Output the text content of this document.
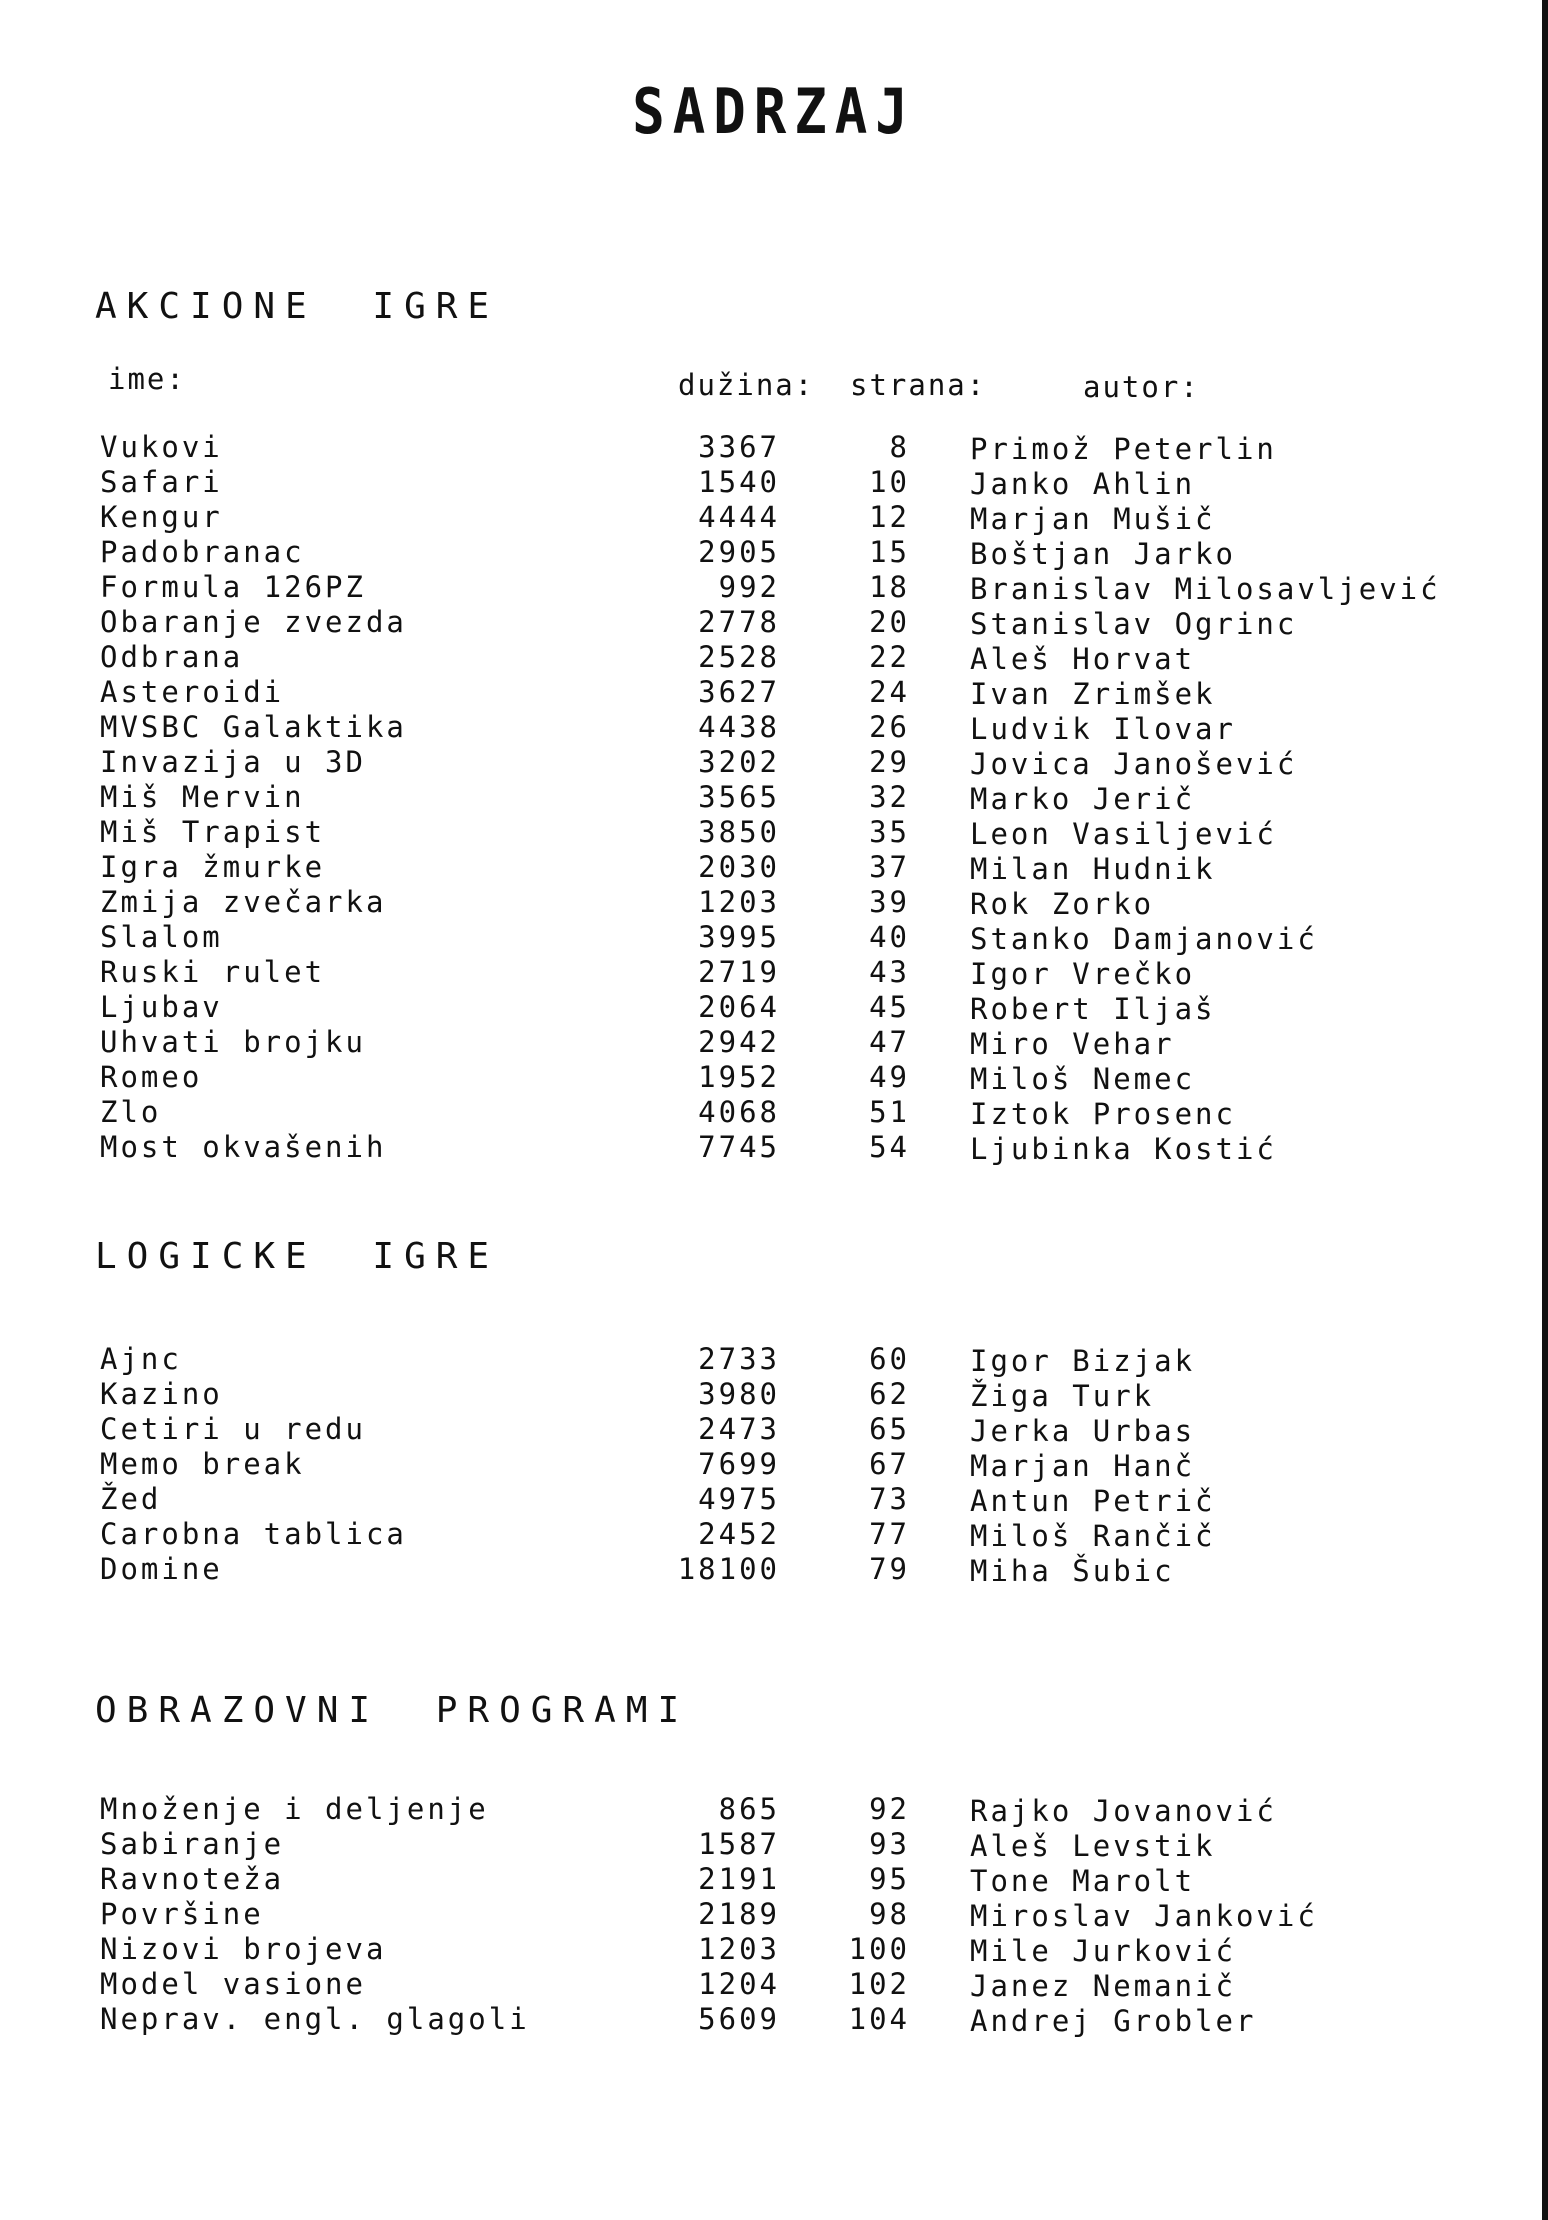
SADRZAJ
AKCIONE IGRE
ime:	dužina: strana:	autor:
Vukovi	3367	8 Primož Peterlin
Safari	1540	10 Janko Ahlin
Kengur	4444	12 Marjan Mušič
Padobranac	2905	15 Boštjan Jarko
Formula 126PZ	992	18 Branislav Milosavljević
Obaranje zvezda	2778	20 Stanislav Ogrinc
Odbrana	2528	22 Aleš Horvat
Asteroidi	3627	24 Ivan Zrimšek
MVSBC Galaktika	4438	26 Ludvik Ilovar
Invazija u 3D	3202	29 Jovica Janošević
Miš Mervin	3565	32 Marko Jerič
Miš Trapist	3850	35 Leon Vasiljević
Igra žmurke	2030	37 Milan Hudnik
Zmija zvečarka	1203	39 Rok Zorko
Slalom	3995	40 Stanko Damjanović
Ruski rulet	2719	43 Igor Vrečko
Ljubav	2064	45 Robert Iljaš
Uhvati brojku	2942	47 Miro Vehar
Romeo	1952	49 Miloš Nemec
Zlo	4068	51 Iztok Prosenc
Most okvašenih	7745	54 Ljubinka Kostić
LOGICKE IGRE
Ajnc	2733	60 Igor Bizjak
Kazino	3980	62 Žiga Turk
Cetiri u redu	2473	65 Jerka Urbas
Memo break	7699	67 Marjan Hanč
Žed	4975	73 Antun Petrič
Carobna tablica	2452	77 Miloš Rančič
Domine	18100	79 Miha Šubic
OBRAZOVNI PROGRAMI
Množenje i deljenje	865	92 Rajko Jovanović
Sabiranje	1587	93 Aleš Levstik
Ravnoteža	2191	95 Tone Marolt
Površine	2189	98 Miroslav Janković
Nizovi brojeva	1203	100 Mile Jurković
Model vasione	1204	102 Janez Nemanič
Neprav. engl. glagoli	5609	104 Andrej Grobler
